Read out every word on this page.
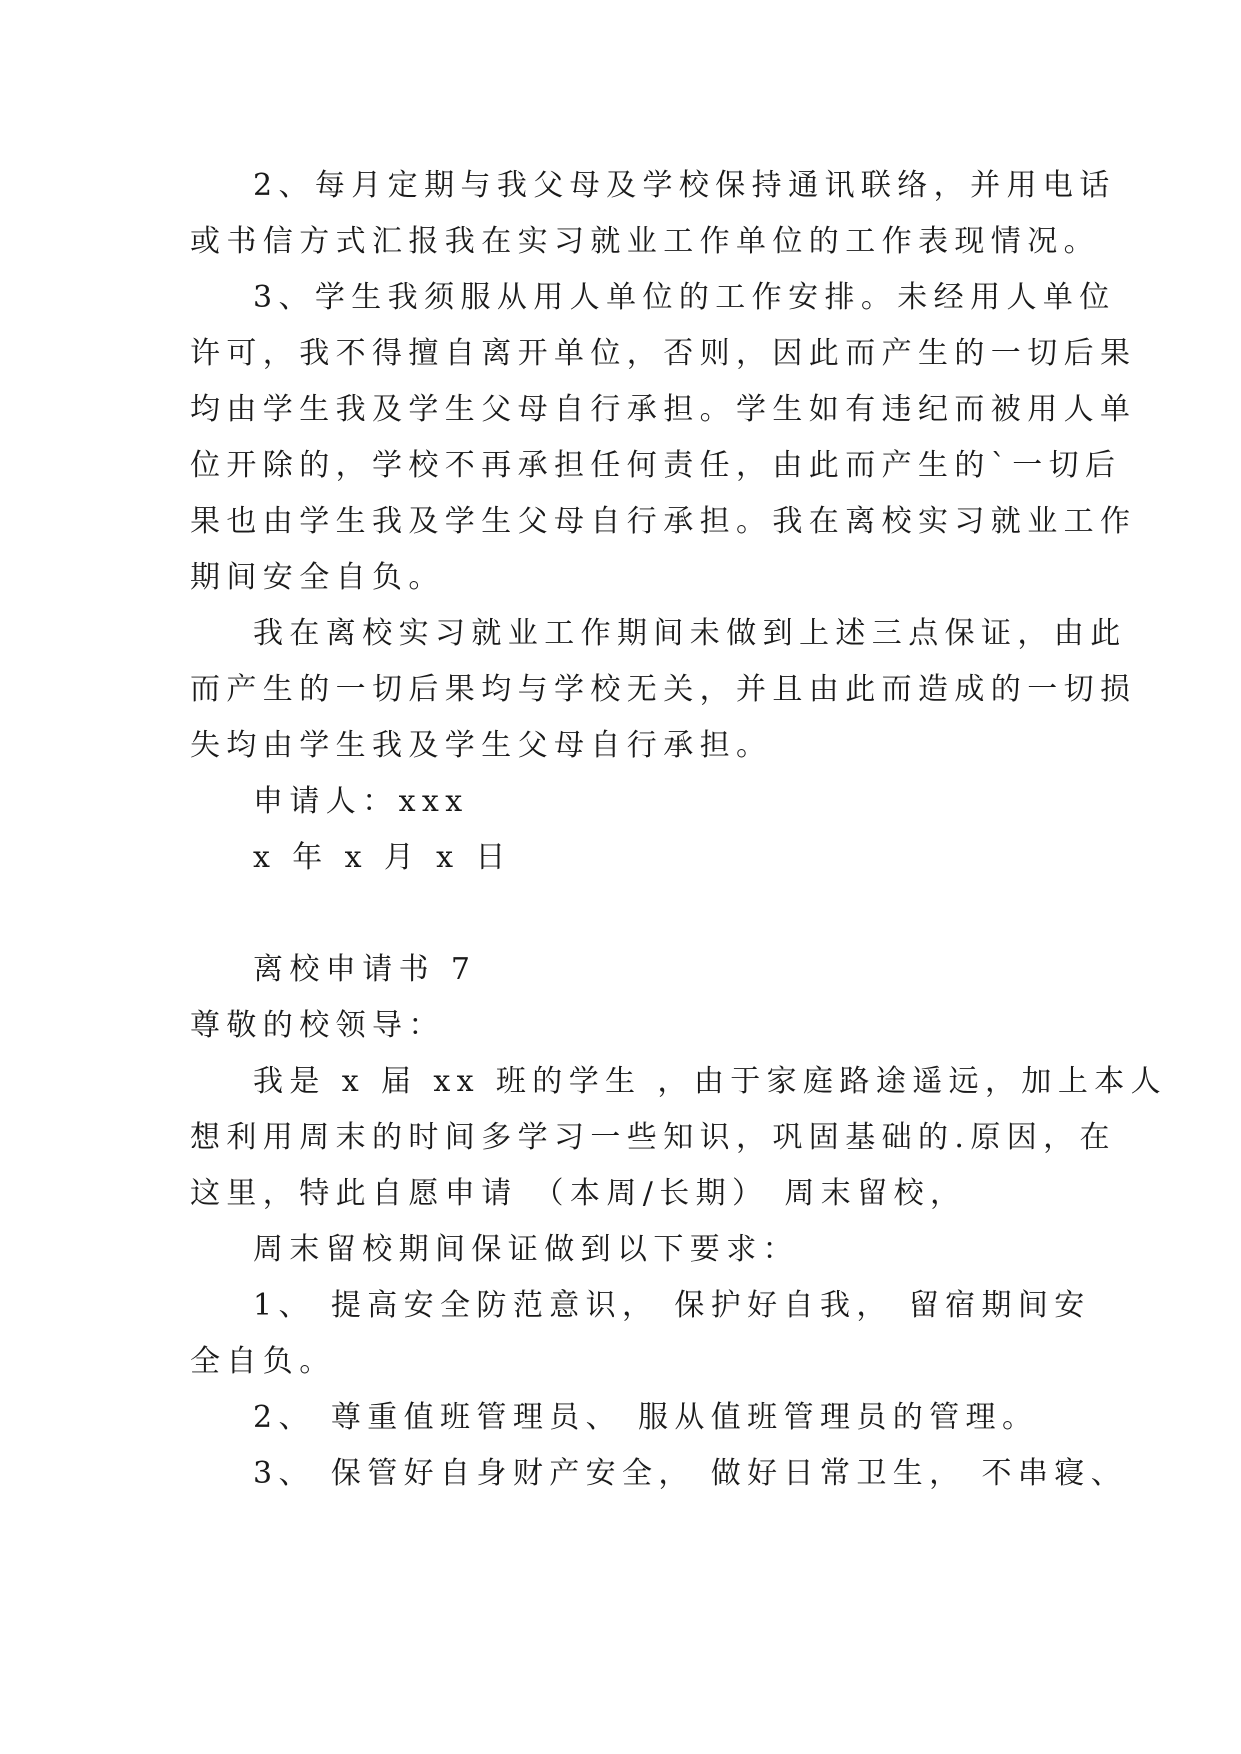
2、每月定期与我父母及学校保持通讯联络，并用电话
或书信方式汇报我在实习就业工作单位的工作表现情况。
3、学生我须服从用人单位的工作安排。未经用人单位
许可，我不得擅自离开单位，否则，因此而产生的一切后果
均由学生我及学生父母自行承担。学生如有违纪而被用人单
位开除的，学校不再承担任何责任，由此而产生的`一切后
果也由学生我及学生父母自行承担。我在离校实习就业工作
期间安全自负。
我在离校实习就业工作期间未做到上述三点保证，由此
而产生的一切后果均与学校无关，并且由此而造成的一切损
失均由学生我及学生父母自行承担。
申请人：xxx
x 年 x 月 x 日
离校申请书 7
尊敬的校领导：
我是 x 届 xx 班的学生 ，由于家庭路途遥远，加上本人
想利用周末的时间多学习一些知识，巩固基础的.原因，在
这里，特此自愿申请 （本周/长期） 周末留校，
周末留校期间保证做到以下要求：
1、 提高安全防范意识， 保护好自我， 留宿期间安
全自负。
2、 尊重值班管理员、 服从值班管理员的管理。
3、 保管好自身财产安全， 做好日常卫生， 不串寝、
